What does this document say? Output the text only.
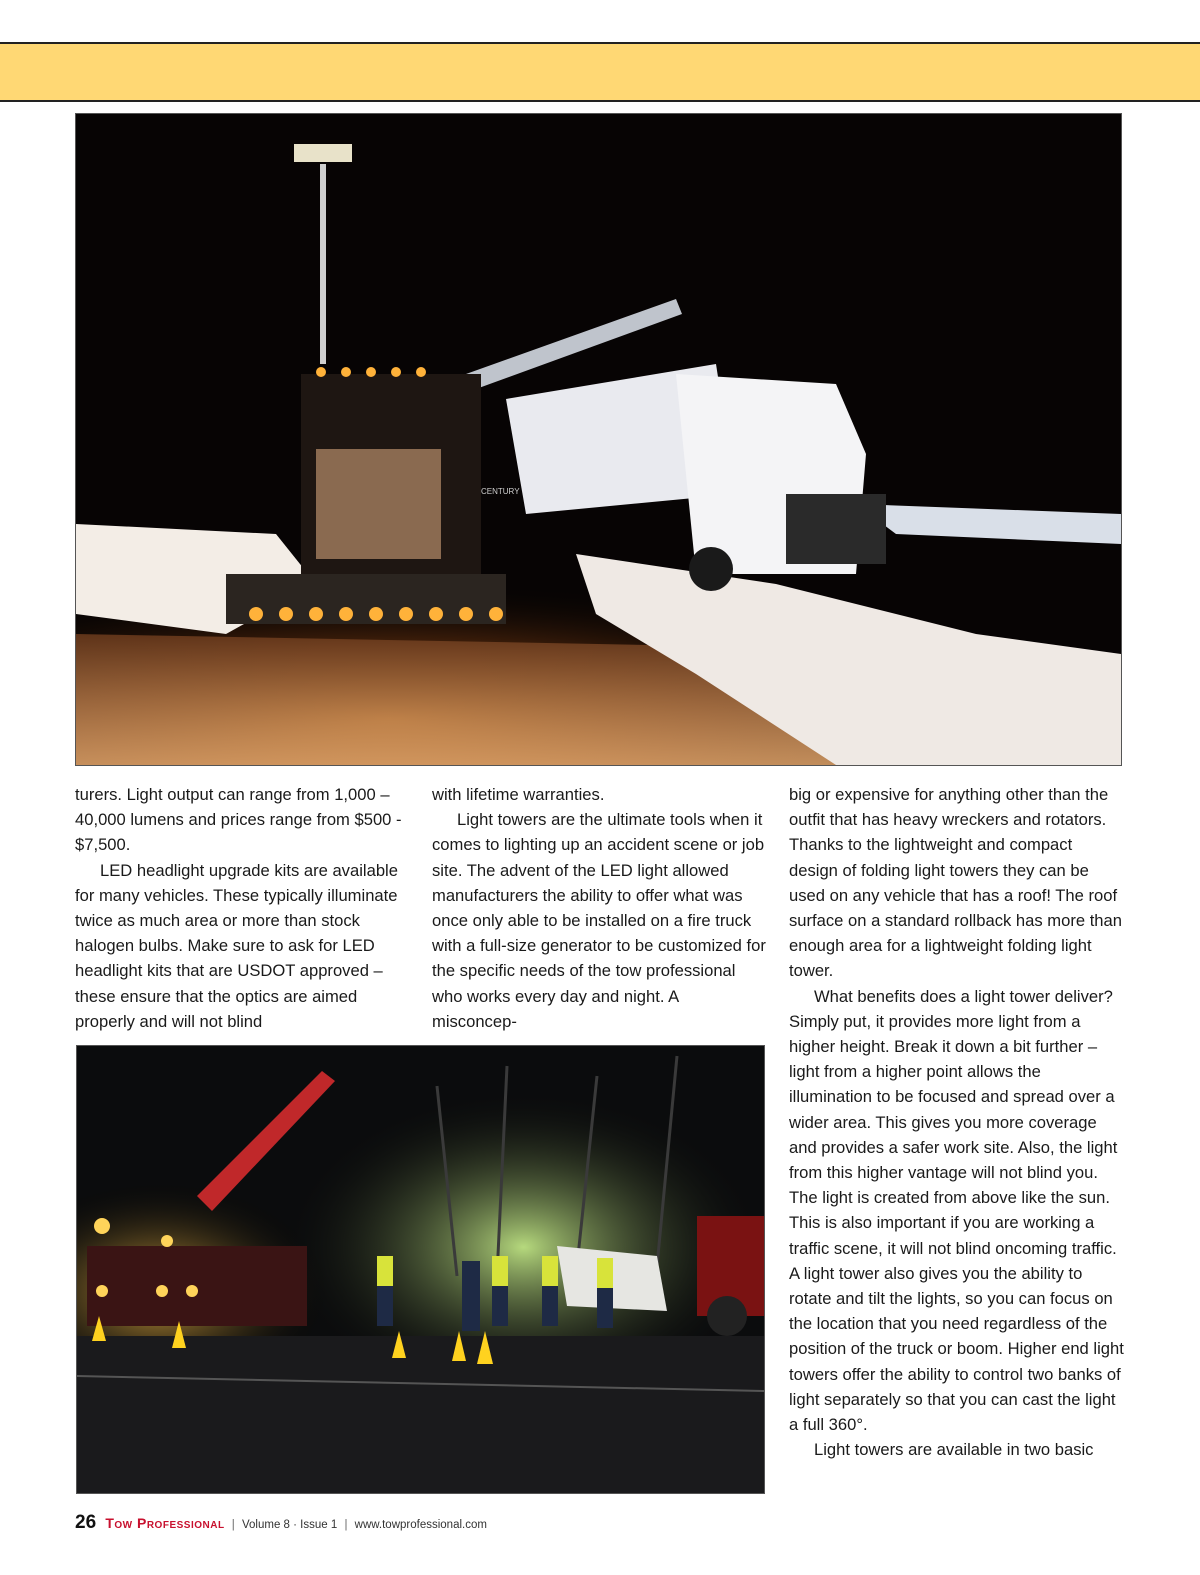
CENTURY

turers. Light output can range from 1,000 – 40,000 lumens and prices range from $500 - $7,500.

LED headlight upgrade kits are available for many vehicles. These typically illuminate twice as much area or more than stock halogen bulbs. Make sure to ask for LED headlight kits that are USDOT approved – these ensure that the optics are aimed properly and will not blind

with lifetime warranties.

Light towers are the ultimate tools when it comes to lighting up an accident scene or job site. The advent of the LED light allowed manufacturers the ability to offer what was once only able to be installed on a fire truck with a full-size generator to be customized for the specific needs of the tow professional who works every day and night. A misconcep-

big or expensive for anything other than the outfit that has heavy wreckers and rotators. Thanks to the lightweight and compact design of folding light towers they can be used on any vehicle that has a roof! The roof surface on a standard rollback has more than enough area for a lightweight folding light tower.

What benefits does a light tower deliver? Simply put, it provides more light from a higher height. Break it down a bit further – light from a higher point allows the illumination to be focused and spread over a wider area. This gives you more coverage and provides a safer work site. Also, the light from this higher vantage will not blind you. The light is created from above like the sun. This is also important if you are working a traffic scene, it will not blind oncoming traffic. A light tower also gives you the ability to rotate and tilt the lights, so you can focus on the location that you need regardless of the position of the truck or boom. Higher end light towers offer the ability to control two banks of light separately so that you can cast the light a full 360°.

Light towers are available in two basic

26 Tow Professional | Volume 8 · Issue 1 | www.towprofessional.com
